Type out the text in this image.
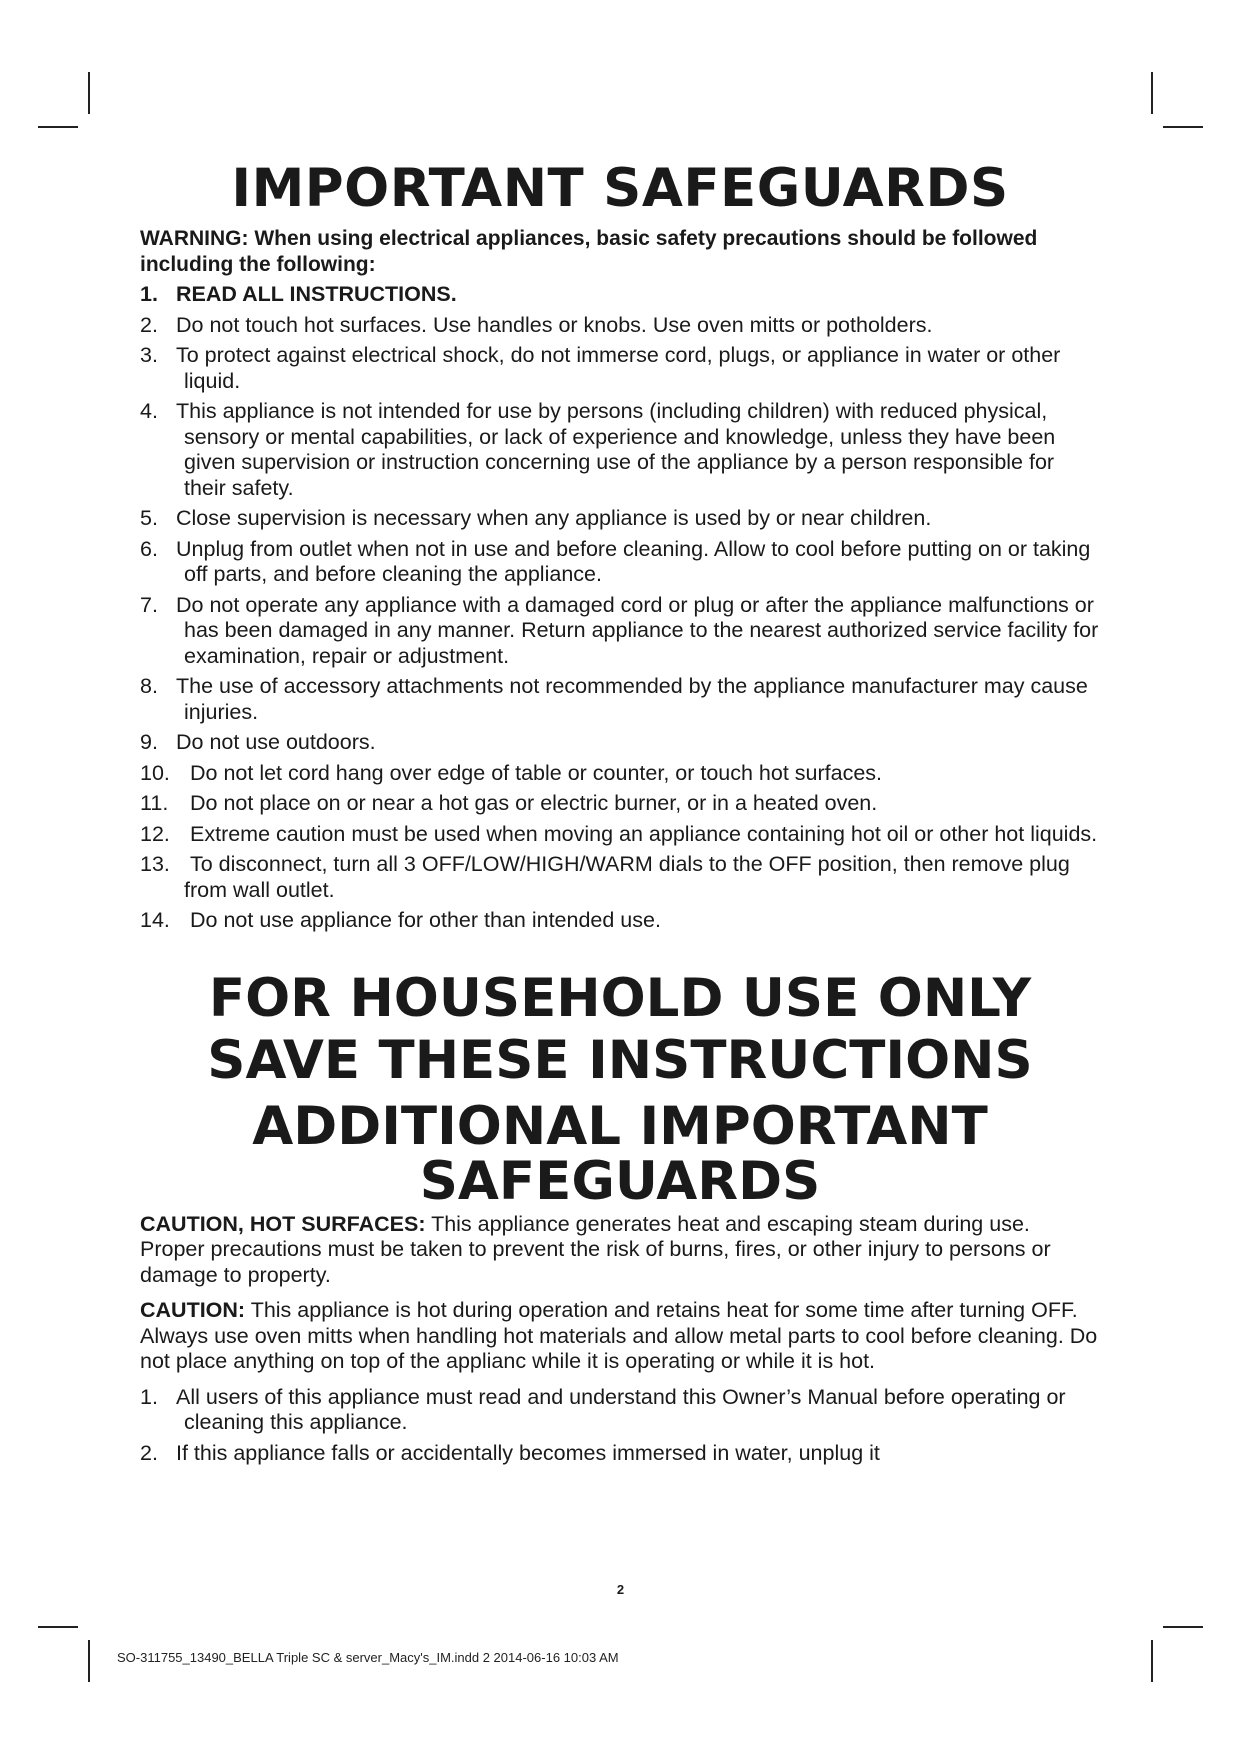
IMPORTANT SAFEGUARDS

WARNING: When using electrical appliances, basic safety precautions should be followed including the following:

1. READ ALL INSTRUCTIONS.
2. Do not touch hot surfaces. Use handles or knobs. Use oven mitts or potholders.
3. To protect against electrical shock, do not immerse cord, plugs, or appliance in water or other liquid.
4. This appliance is not intended for use by persons (including children) with reduced physical, sensory or mental capabilities, or lack of experience and knowledge, unless they have been given supervision or instruction concerning use of the appliance by a person responsible for their safety.
5. Close supervision is necessary when any appliance is used by or near children.
6. Unplug from outlet when not in use and before cleaning. Allow to cool before putting on or taking off parts, and before cleaning the appliance.
7. Do not operate any appliance with a damaged cord or plug or after the appliance malfunctions or has been damaged in any manner. Return appliance to the nearest authorized service facility for examination, repair or adjustment.
8. The use of accessory attachments not recommended by the appliance manufacturer may cause injuries.
9. Do not use outdoors.
10. Do not let cord hang over edge of table or counter, or touch hot surfaces.
11. Do not place on or near a hot gas or electric burner, or in a heated oven.
12. Extreme caution must be used when moving an appliance containing hot oil or other hot liquids.
13. To disconnect, turn all 3 OFF/LOW/HIGH/WARM dials to the OFF position, then remove plug from wall outlet.
14. Do not use appliance for other than intended use.

FOR HOUSEHOLD USE ONLY

SAVE THESE INSTRUCTIONS

ADDITIONAL IMPORTANT

SAFEGUARDS

CAUTION, HOT SURFACES: This appliance generates heat and escaping steam during use. Proper precautions must be taken to prevent the risk of burns, fires, or other injury to persons or damage to property.

CAUTION: This appliance is hot during operation and retains heat for some time after turning OFF. Always use oven mitts when handling hot materials and allow metal parts to cool before cleaning. Do not place anything on top of the applianc while it is operating or while it is hot.

1. All users of this appliance must read and understand this Owner’s Manual before operating or cleaning this appliance.
2. If this appliance falls or accidentally becomes immersed in water, unplug it
2
SO-311755_13490_BELLA Triple SC & server_Macy's_IM.indd 2 2014-06-16 10:03 AM
